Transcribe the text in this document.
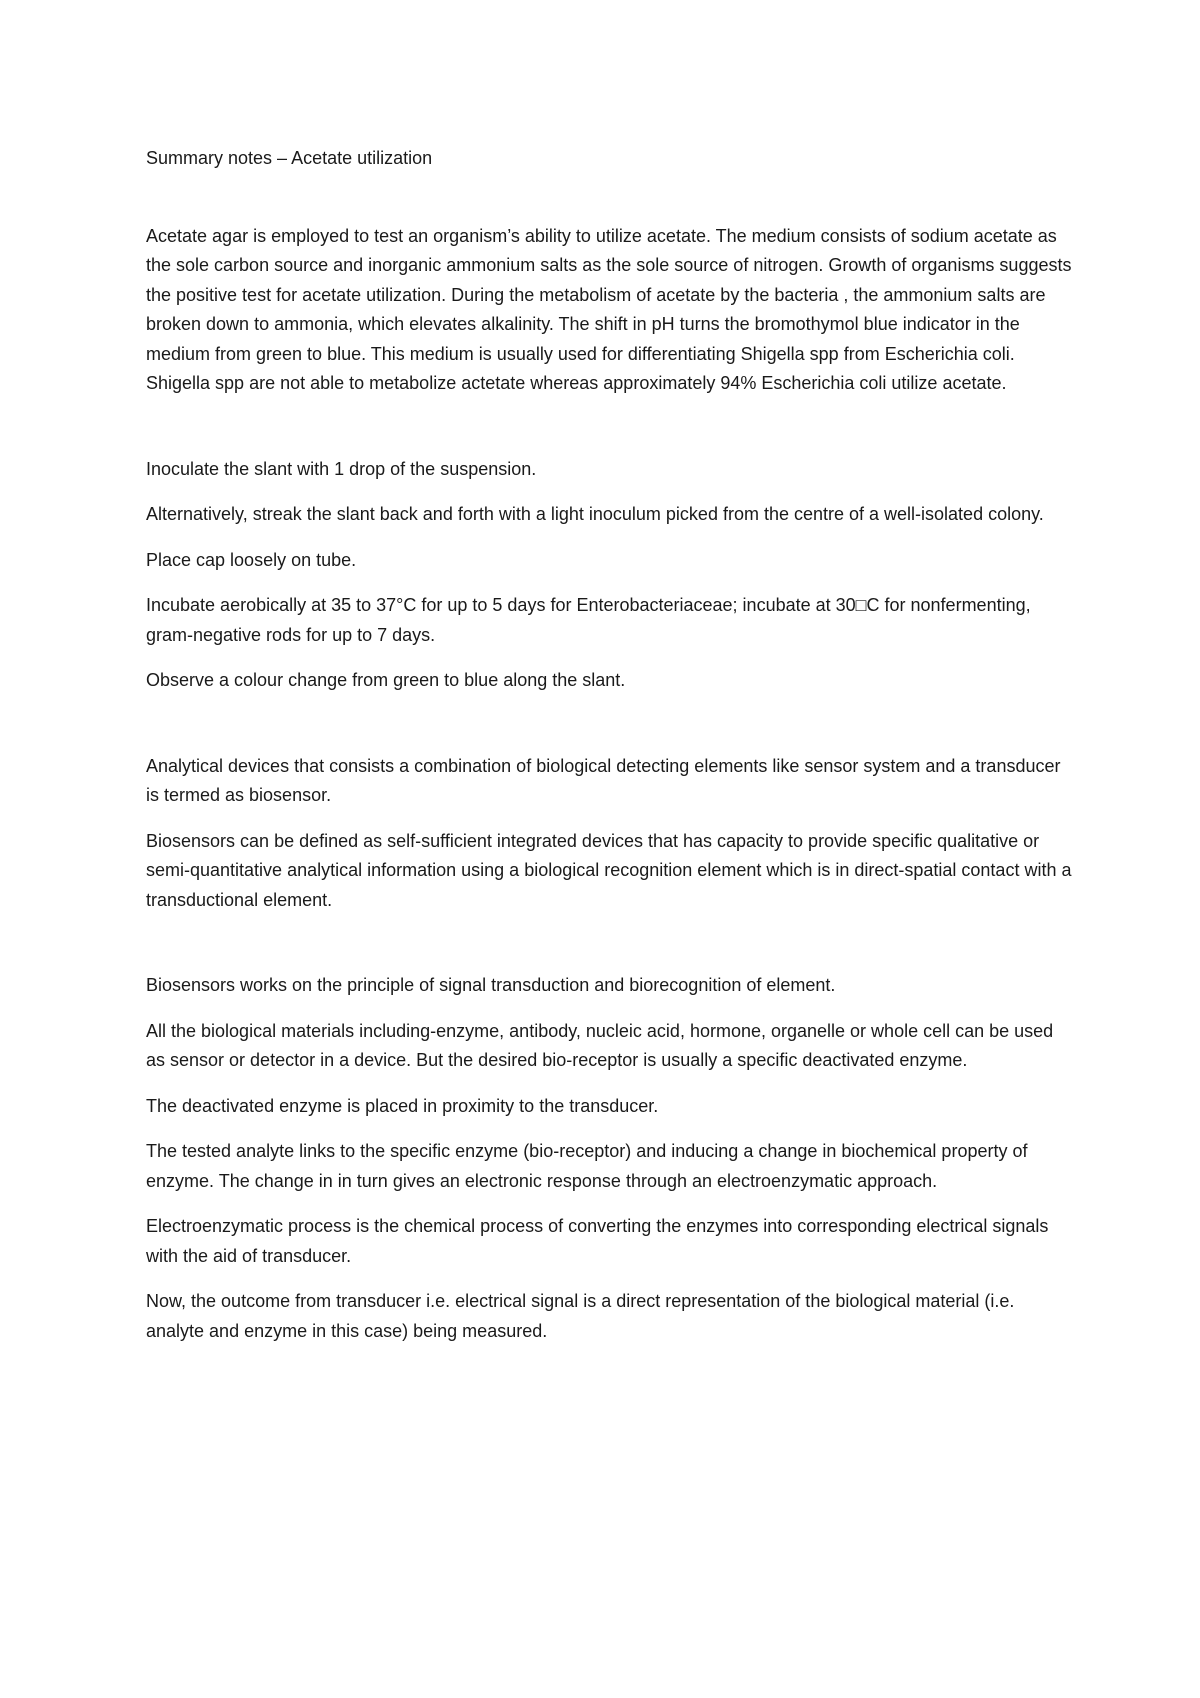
Summary notes – Acetate utilization

Acetate agar is employed to test an organism’s ability to utilize acetate. The medium consists of sodium acetate as the sole carbon source and inorganic ammonium salts as the sole source of nitrogen. Growth of organisms suggests the positive test for acetate utilization. During the metabolism of acetate by the bacteria , the ammonium salts are broken down to ammonia, which elevates alkalinity. The shift in pH turns the bromothymol blue indicator in the medium from green to blue. This medium is usually used for differentiating Shigella spp from Escherichia coli. Shigella spp are not able to metabolize actetate whereas approximately 94% Escherichia coli utilize acetate.

Inoculate the slant with 1 drop of the suspension.

Alternatively, streak the slant back and forth with a light inoculum picked from the centre of a well-isolated colony.

Place cap loosely on tube.

Incubate aerobically at 35 to 37°C for up to 5 days for Enterobacteriaceae; incubate at 30□C for nonfermenting, gram-negative rods for up to 7 days.

Observe a colour change from green to blue along the slant.

Analytical devices that consists a combination of biological detecting elements like sensor system and a transducer is termed as biosensor.

Biosensors can be defined as self-sufficient integrated devices that has capacity to provide specific qualitative or semi-quantitative analytical information using a biological recognition element which is in direct-spatial contact with a transductional element.

Biosensors works on the principle of signal transduction and biorecognition of element.

All the biological materials including-enzyme, antibody, nucleic acid, hormone, organelle or whole cell can be used as sensor or detector in a device. But the desired bio-receptor is usually a specific deactivated enzyme.

The deactivated enzyme is placed in proximity to the transducer.

The tested analyte links to the specific enzyme (bio-receptor) and inducing a change in biochemical property of enzyme. The change in in turn gives an electronic response through an electroenzymatic approach.

Electroenzymatic process is the chemical process of converting the enzymes into corresponding electrical signals with the aid of transducer.

Now, the outcome from transducer i.e. electrical signal is a direct representation of the biological material (i.e. analyte and enzyme in this case) being measured.
